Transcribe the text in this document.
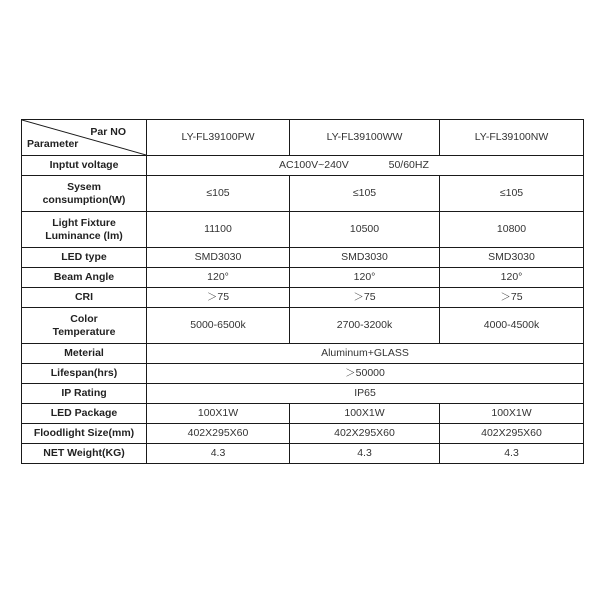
Par NO
Parameter	LY-FL39100PW	LY-FL39100WW	LY-FL39100NW
Inptut voltage	AC100V~240V 50/60HZ		
Sysem
consumption(W)	≤105	≤105	≤105
Light Fixture
Luminance (lm)	11100	10500	10800
LED type	SMD3030	SMD3030	SMD3030
Beam Angle	120°	120°	120°
CRI	＞75	＞75	＞75
Color
Temperature	5000-6500k	2700-3200k	4000-4500k
Meterial	Aluminum+GLASS		
Lifespan(hrs)	＞50000		
IP Rating	IP65		
LED Package	100X1W	100X1W	100X1W
Floodlight Size(mm)	402X295X60	402X295X60	402X295X60
NET Weight(KG)	4.3	4.3	4.3
